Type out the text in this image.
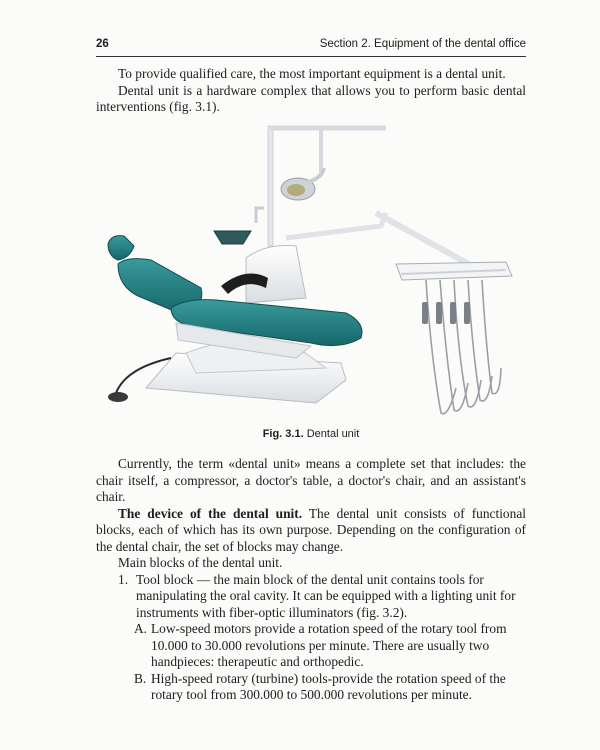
26	Section 2. Equipment of the dental office

To provide qualified care, the most important equipment is a dental unit.

Dental unit is a hardware complex that allows you to perform basic dental interventions (fig. 3.1).

Fig. 3.1. Dental unit

Currently, the term «dental unit» means a complete set that includes: the chair itself, a compressor, a doctor's table, a doctor's chair, and an assistant's chair.

The device of the dental unit. The dental unit consists of functional blocks, each of which has its own purpose. Depending on the configuration of the dental chair, the set of blocks may change.

Main blocks of the dental unit.

1. Tool block — the main block of the dental unit contains tools for manipulating the oral cavity. It can be equipped with a lighting unit for instruments with fiber-optic illuminators (fig. 3.2).
A. Low-speed motors provide a rotation speed of the rotary tool from 10.000 to 30.000 revolutions per minute. There are usually two handpieces: therapeutic and orthopedic.
B. High-speed rotary (turbine) tools-provide the rotation speed of the rotary tool from 300.000 to 500.000 revolutions per minute.
